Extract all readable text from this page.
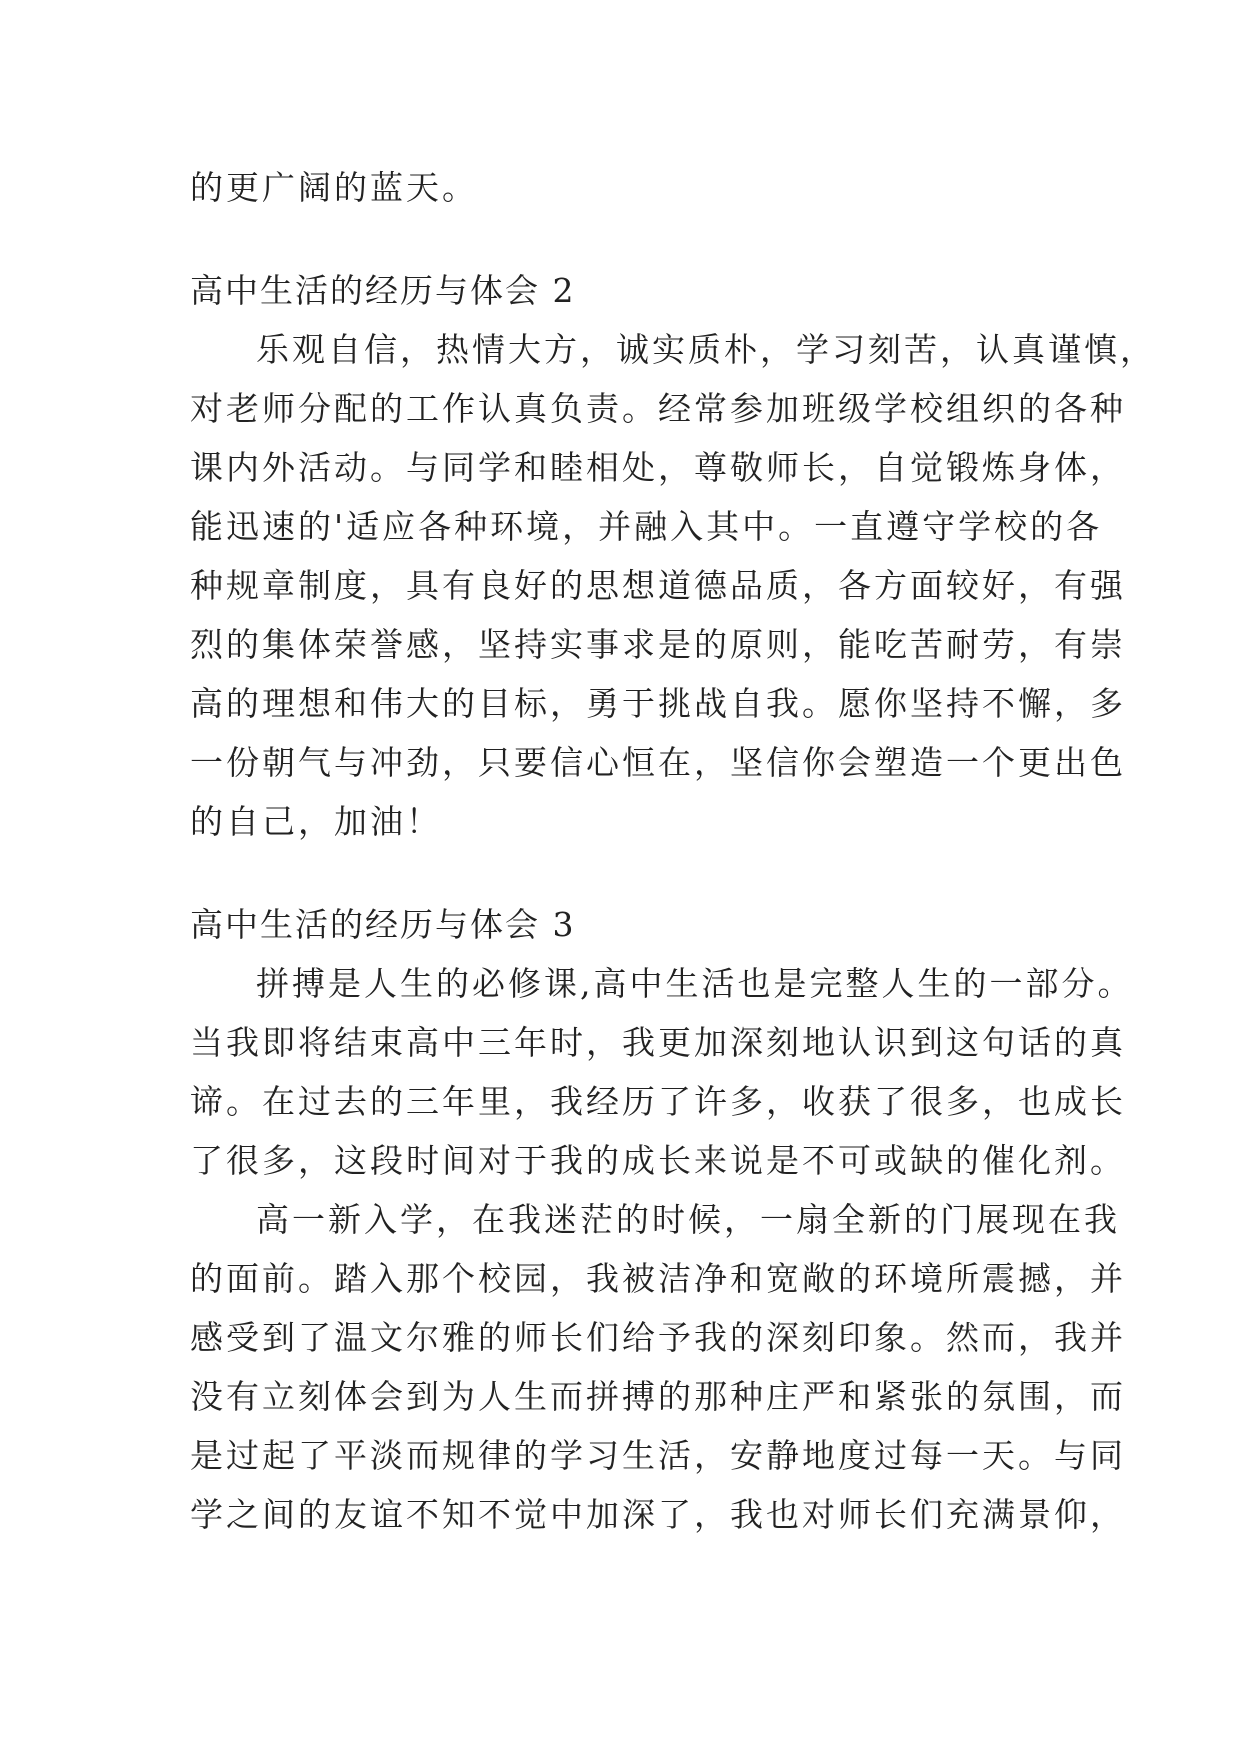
的更广阔的蓝天。
高中生活的经历与体会 2
乐观自信，热情大方，诚实质朴，学习刻苦，认真谨慎，
对老师分配的工作认真负责。经常参加班级学校组织的各种
课内外活动。与同学和睦相处，尊敬师长，自觉锻炼身体，
能迅速的'适应各种环境，并融入其中。一直遵守学校的各
种规章制度，具有良好的思想道德品质，各方面较好，有强
烈的集体荣誉感，坚持实事求是的原则，能吃苦耐劳，有崇
高的理想和伟大的目标，勇于挑战自我。愿你坚持不懈，多
一份朝气与冲劲，只要信心恒在，坚信你会塑造一个更出色
的自己，加油！
高中生活的经历与体会 3
拼搏是人生的必修课,高中生活也是完整人生的一部分。
当我即将结束高中三年时，我更加深刻地认识到这句话的真
谛。在过去的三年里，我经历了许多，收获了很多，也成长
了很多，这段时间对于我的成长来说是不可或缺的催化剂。
高一新入学，在我迷茫的时候，一扇全新的门展现在我
的面前。踏入那个校园，我被洁净和宽敞的环境所震撼，并
感受到了温文尔雅的师长们给予我的深刻印象。然而，我并
没有立刻体会到为人生而拼搏的那种庄严和紧张的氛围，而
是过起了平淡而规律的学习生活，安静地度过每一天。与同
学之间的友谊不知不觉中加深了，我也对师长们充满景仰，
